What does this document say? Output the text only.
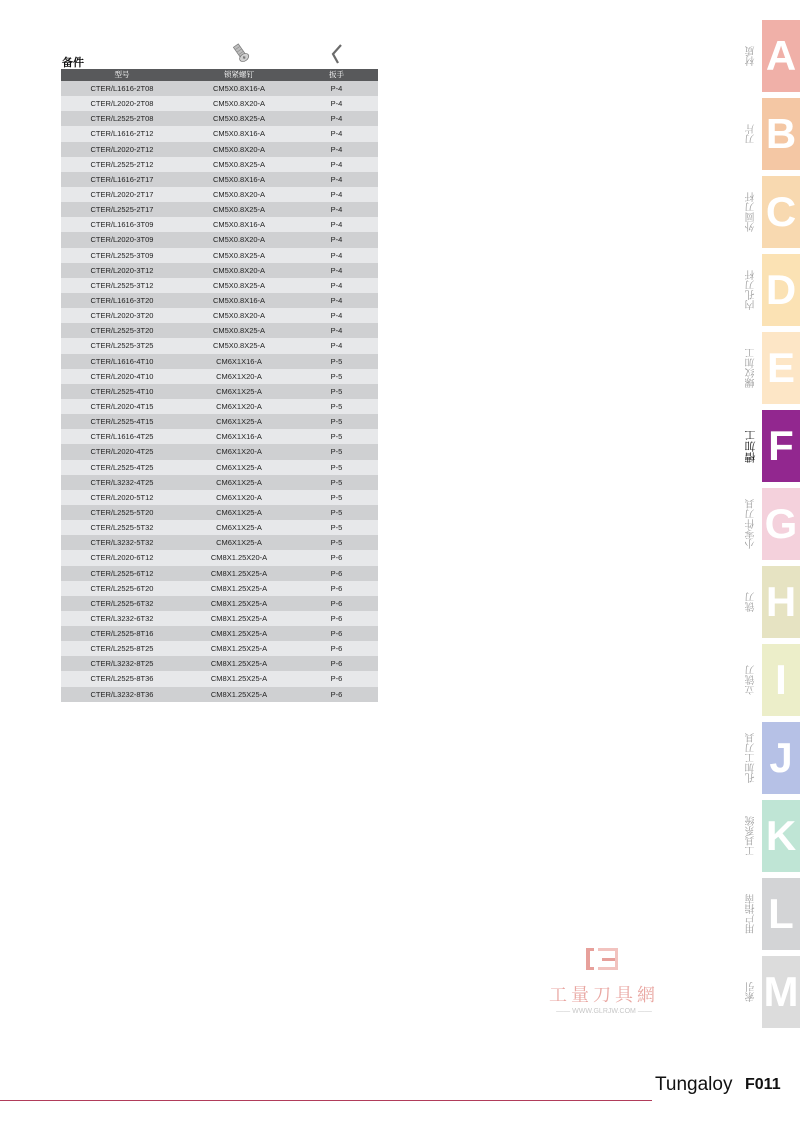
备件
型号	锁紧螺钉	扳手
CTER/L1616-2T08	CM5X0.8X16-A	P-4
CTER/L2020-2T08	CM5X0.8X20-A	P-4
CTER/L2525-2T08	CM5X0.8X25-A	P-4
CTER/L1616-2T12	CM5X0.8X16-A	P-4
CTER/L2020-2T12	CM5X0.8X20-A	P-4
CTER/L2525-2T12	CM5X0.8X25-A	P-4
CTER/L1616-2T17	CM5X0.8X16-A	P-4
CTER/L2020-2T17	CM5X0.8X20-A	P-4
CTER/L2525-2T17	CM5X0.8X25-A	P-4
CTER/L1616-3T09	CM5X0.8X16-A	P-4
CTER/L2020-3T09	CM5X0.8X20-A	P-4
CTER/L2525-3T09	CM5X0.8X25-A	P-4
CTER/L2020-3T12	CM5X0.8X20-A	P-4
CTER/L2525-3T12	CM5X0.8X25-A	P-4
CTER/L1616-3T20	CM5X0.8X16-A	P-4
CTER/L2020-3T20	CM5X0.8X20-A	P-4
CTER/L2525-3T20	CM5X0.8X25-A	P-4
CTER/L2525-3T25	CM5X0.8X25-A	P-4
CTER/L1616-4T10	CM6X1X16-A	P-5
CTER/L2020-4T10	CM6X1X20-A	P-5
CTER/L2525-4T10	CM6X1X25-A	P-5
CTER/L2020-4T15	CM6X1X20-A	P-5
CTER/L2525-4T15	CM6X1X25-A	P-5
CTER/L1616-4T25	CM6X1X16-A	P-5
CTER/L2020-4T25	CM6X1X20-A	P-5
CTER/L2525-4T25	CM6X1X25-A	P-5
CTER/L3232-4T25	CM6X1X25-A	P-5
CTER/L2020-5T12	CM6X1X20-A	P-5
CTER/L2525-5T20	CM6X1X25-A	P-5
CTER/L2525-5T32	CM6X1X25-A	P-5
CTER/L3232-5T32	CM6X1X25-A	P-5
CTER/L2020-6T12	CM8X1.25X20-A	P-6
CTER/L2525-6T12	CM8X1.25X25-A	P-6
CTER/L2525-6T20	CM8X1.25X25-A	P-6
CTER/L2525-6T32	CM8X1.25X25-A	P-6
CTER/L3232-6T32	CM8X1.25X25-A	P-6
CTER/L2525-8T16	CM8X1.25X25-A	P-6
CTER/L2525-8T25	CM8X1.25X25-A	P-6
CTER/L3232-8T25	CM8X1.25X25-A	P-6
CTER/L2525-8T36	CM8X1.25X25-A	P-6
CTER/L3232-8T36	CM8X1.25X25-A	P-6
材质 A
刀片 B
外圆刀杆 C
内孔刀杆 D
螺纹加工 E
槽加工 F
小零件刀具 G
铣刀 H
立铣刀 I
孔加工刀具 J
工具系统 K
用户指南 L
索引 M
工量刀具網
—— WWW.GLRJW.COM ——
Tungaloy F011
